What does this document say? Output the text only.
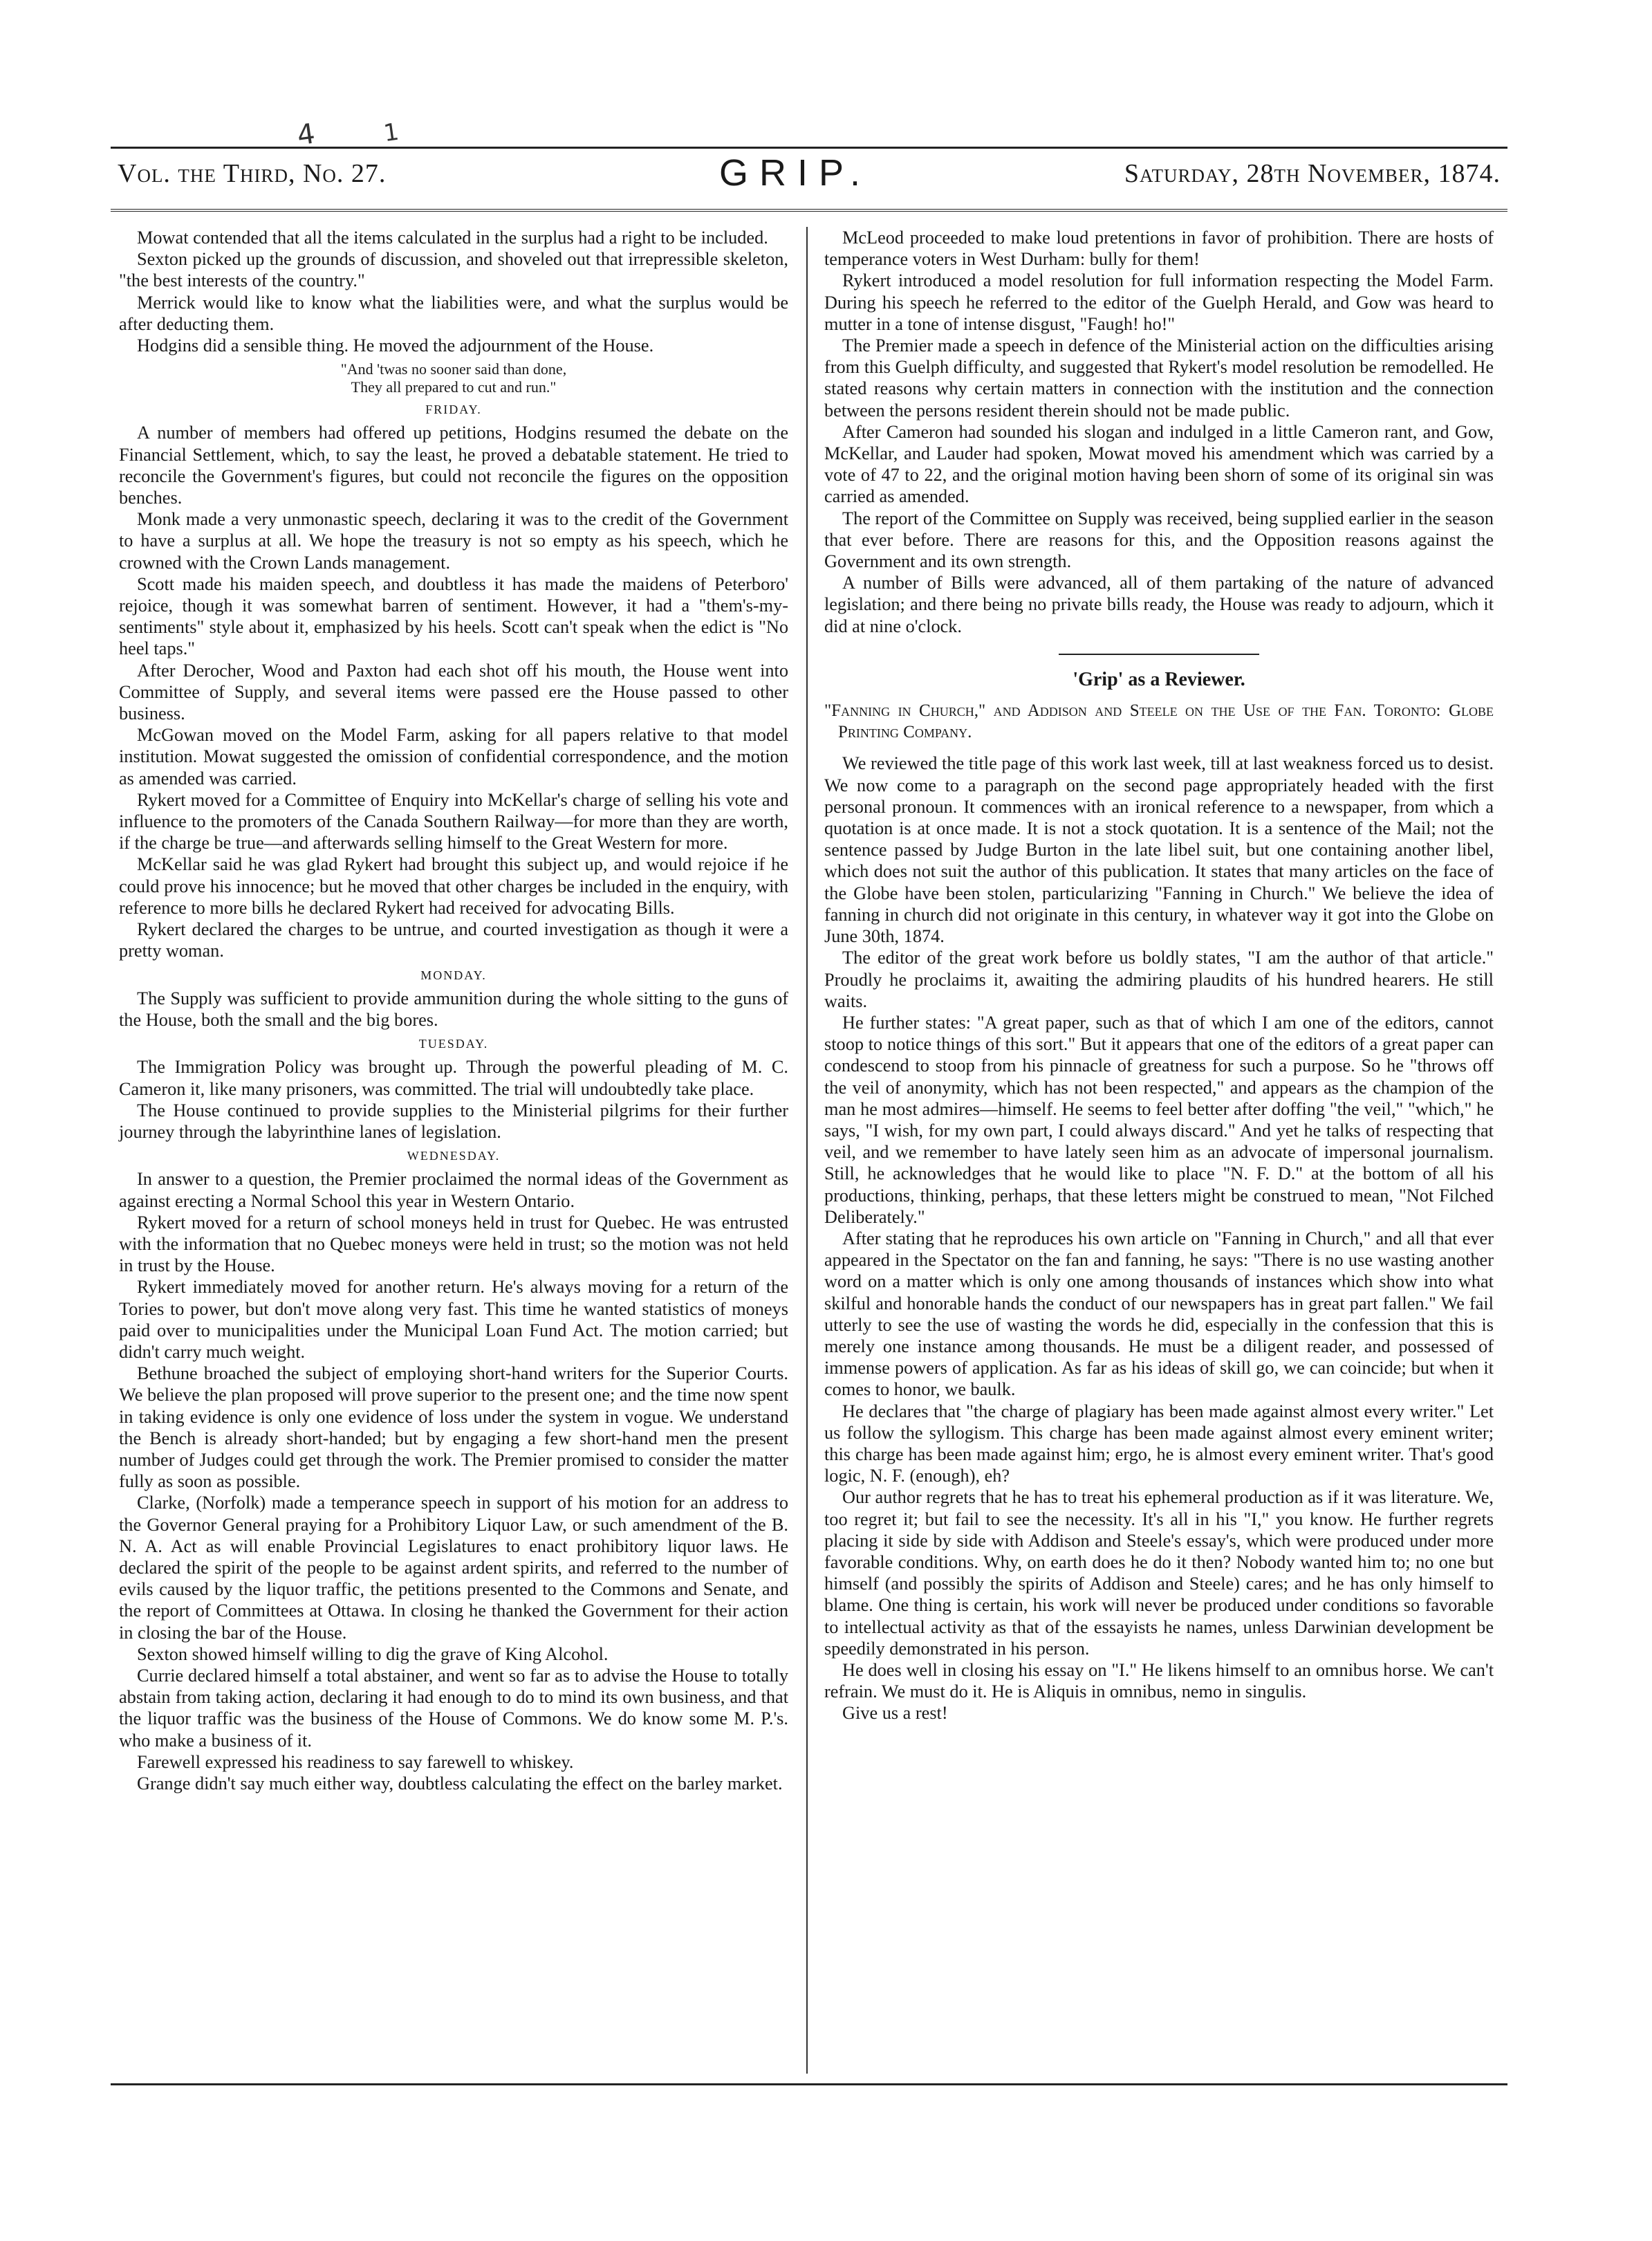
4	1
Vol. the Third, No. 27.	GRIP.	Saturday, 28th November, 1874.

Mowat contended that all the items calculated in the surplus had a right to be included.

Sexton picked up the grounds of discussion, and shoveled out that irrepressible skeleton, "the best interests of the country."

Merrick would like to know what the liabilities were, and what the surplus would be after deducting them.

Hodgins did a sensible thing. He moved the adjournment of the House.

"And 'twas no sooner said than done,
They all prepared to cut and run."
FRIDAY.

A number of members had offered up petitions, Hodgins resumed the debate on the Financial Settlement, which, to say the least, he proved a debatable statement. He tried to reconcile the Government's figures, but could not reconcile the figures on the opposition benches.

Monk made a very unmonastic speech, declaring it was to the credit of the Government to have a surplus at all. We hope the treasury is not so empty as his speech, which he crowned with the Crown Lands management.

Scott made his maiden speech, and doubtless it has made the maidens of Peterboro' rejoice, though it was somewhat barren of sentiment. However, it had a "them's-my-sentiments" style about it, emphasized by his heels. Scott can't speak when the edict is "No heel taps."

After Derocher, Wood and Paxton had each shot off his mouth, the House went into Committee of Supply, and several items were passed ere the House passed to other business.

McGowan moved on the Model Farm, asking for all papers relative to that model institution. Mowat suggested the omission of confidential correspondence, and the motion as amended was carried.

Rykert moved for a Committee of Enquiry into McKellar's charge of selling his vote and influence to the promoters of the Canada Southern Railway—for more than they are worth, if the charge be true—and afterwards selling himself to the Great Western for more.

McKellar said he was glad Rykert had brought this subject up, and would rejoice if he could prove his innocence; but he moved that other charges be included in the enquiry, with reference to more bills he declared Rykert had received for advocating Bills.

Rykert declared the charges to be untrue, and courted investigation as though it were a pretty woman.

MONDAY.

The Supply was sufficient to provide ammunition during the whole sitting to the guns of the House, both the small and the big bores.

TUESDAY.

The Immigration Policy was brought up. Through the powerful pleading of M. C. Cameron it, like many prisoners, was committed. The trial will undoubtedly take place.

The House continued to provide supplies to the Ministerial pilgrims for their further journey through the labyrinthine lanes of legislation.

WEDNESDAY.

In answer to a question, the Premier proclaimed the normal ideas of the Government as against erecting a Normal School this year in Western Ontario.

Rykert moved for a return of school moneys held in trust for Quebec. He was entrusted with the information that no Quebec moneys were held in trust; so the motion was not held in trust by the House.

Rykert immediately moved for another return. He's always moving for a return of the Tories to power, but don't move along very fast. This time he wanted statistics of moneys paid over to municipalities under the Municipal Loan Fund Act. The motion carried; but didn't carry much weight.

Bethune broached the subject of employing short-hand writers for the Superior Courts. We believe the plan proposed will prove superior to the present one; and the time now spent in taking evidence is only one evidence of loss under the system in vogue. We understand the Bench is already short-handed; but by engaging a few short-hand men the present number of Judges could get through the work. The Premier promised to consider the matter fully as soon as possible.

Clarke, (Norfolk) made a temperance speech in support of his motion for an address to the Governor General praying for a Prohibitory Liquor Law, or such amendment of the B. N. A. Act as will enable Provincial Legislatures to enact prohibitory liquor laws. He declared the spirit of the people to be against ardent spirits, and referred to the number of evils caused by the liquor traffic, the petitions presented to the Commons and Senate, and the report of Committees at Ottawa. In closing he thanked the Government for their action in closing the bar of the House.

Sexton showed himself willing to dig the grave of King Alcohol.

Currie declared himself a total abstainer, and went so far as to advise the House to totally abstain from taking action, declaring it had enough to do to mind its own business, and that the liquor traffic was the business of the House of Commons. We do know some M. P.'s. who make a business of it.

Farewell expressed his readiness to say farewell to whiskey.

Grange didn't say much either way, doubtless calculating the effect on the barley market.

McLeod proceeded to make loud pretentions in favor of prohibition. There are hosts of temperance voters in West Durham: bully for them!

Rykert introduced a model resolution for full information respecting the Model Farm. During his speech he referred to the editor of the Guelph Herald, and Gow was heard to mutter in a tone of intense disgust, "Faugh! ho!"

The Premier made a speech in defence of the Ministerial action on the difficulties arising from this Guelph difficulty, and suggested that Rykert's model resolution be remodelled. He stated reasons why certain matters in connection with the institution and the connection between the persons resident therein should not be made public.

After Cameron had sounded his slogan and indulged in a little Cameron rant, and Gow, McKellar, and Lauder had spoken, Mowat moved his amendment which was carried by a vote of 47 to 22, and the original motion having been shorn of some of its original sin was carried as amended.

The report of the Committee on Supply was received, being supplied earlier in the season that ever before. There are reasons for this, and the Opposition reasons against the Government and its own strength.

A number of Bills were advanced, all of them partaking of the nature of advanced legislation; and there being no private bills ready, the House was ready to adjourn, which it did at nine o'clock.

'Grip' as a Reviewer.

"Fanning in Church," and Addison and Steele on the Use of the Fan. Toronto: Globe Printing Company.

We reviewed the title page of this work last week, till at last weakness forced us to desist. We now come to a paragraph on the second page appropriately headed with the first personal pronoun. It commences with an ironical reference to a newspaper, from which a quotation is at once made. It is not a stock quotation. It is a sentence of the Mail; not the sentence passed by Judge Burton in the late libel suit, but one containing another libel, which does not suit the author of this publication. It states that many articles on the face of the Globe have been stolen, particularizing "Fanning in Church." We believe the idea of fanning in church did not originate in this century, in whatever way it got into the Globe on June 30th, 1874.

The editor of the great work before us boldly states, "I am the author of that article." Proudly he proclaims it, awaiting the admiring plaudits of his hundred hearers. He still waits.

He further states: "A great paper, such as that of which I am one of the editors, cannot stoop to notice things of this sort." But it appears that one of the editors of a great paper can condescend to stoop from his pinnacle of greatness for such a purpose. So he "throws off the veil of anonymity, which has not been respected," and appears as the champion of the man he most admires—himself. He seems to feel better after doffing "the veil," "which," he says, "I wish, for my own part, I could always discard." And yet he talks of respecting that veil, and we remember to have lately seen him as an advocate of impersonal journalism. Still, he acknowledges that he would like to place "N. F. D." at the bottom of all his productions, thinking, perhaps, that these letters might be construed to mean, "Not Filched Deliberately."

After stating that he reproduces his own article on "Fanning in Church," and all that ever appeared in the Spectator on the fan and fanning, he says: "There is no use wasting another word on a matter which is only one among thousands of instances which show into what skilful and honorable hands the conduct of our newspapers has in great part fallen." We fail utterly to see the use of wasting the words he did, especially in the confession that this is merely one instance among thousands. He must be a diligent reader, and possessed of immense powers of application. As far as his ideas of skill go, we can coincide; but when it comes to honor, we baulk.

He declares that "the charge of plagiary has been made against almost every writer." Let us follow the syllogism. This charge has been made against almost every eminent writer; this charge has been made against him; ergo, he is almost every eminent writer. That's good logic, N. F. (enough), eh?

Our author regrets that he has to treat his ephemeral production as if it was literature. We, too regret it; but fail to see the necessity. It's all in his "I," you know. He further regrets placing it side by side with Addison and Steele's essay's, which were produced under more favorable conditions. Why, on earth does he do it then? Nobody wanted him to; no one but himself (and possibly the spirits of Addison and Steele) cares; and he has only himself to blame. One thing is certain, his work will never be produced under conditions so favorable to intellectual activity as that of the essayists he names, unless Darwinian development be speedily demonstrated in his person.

He does well in closing his essay on "I." He likens himself to an omnibus horse. We can't refrain. We must do it. He is Aliquis in omnibus, nemo in singulis.

Give us a rest!
